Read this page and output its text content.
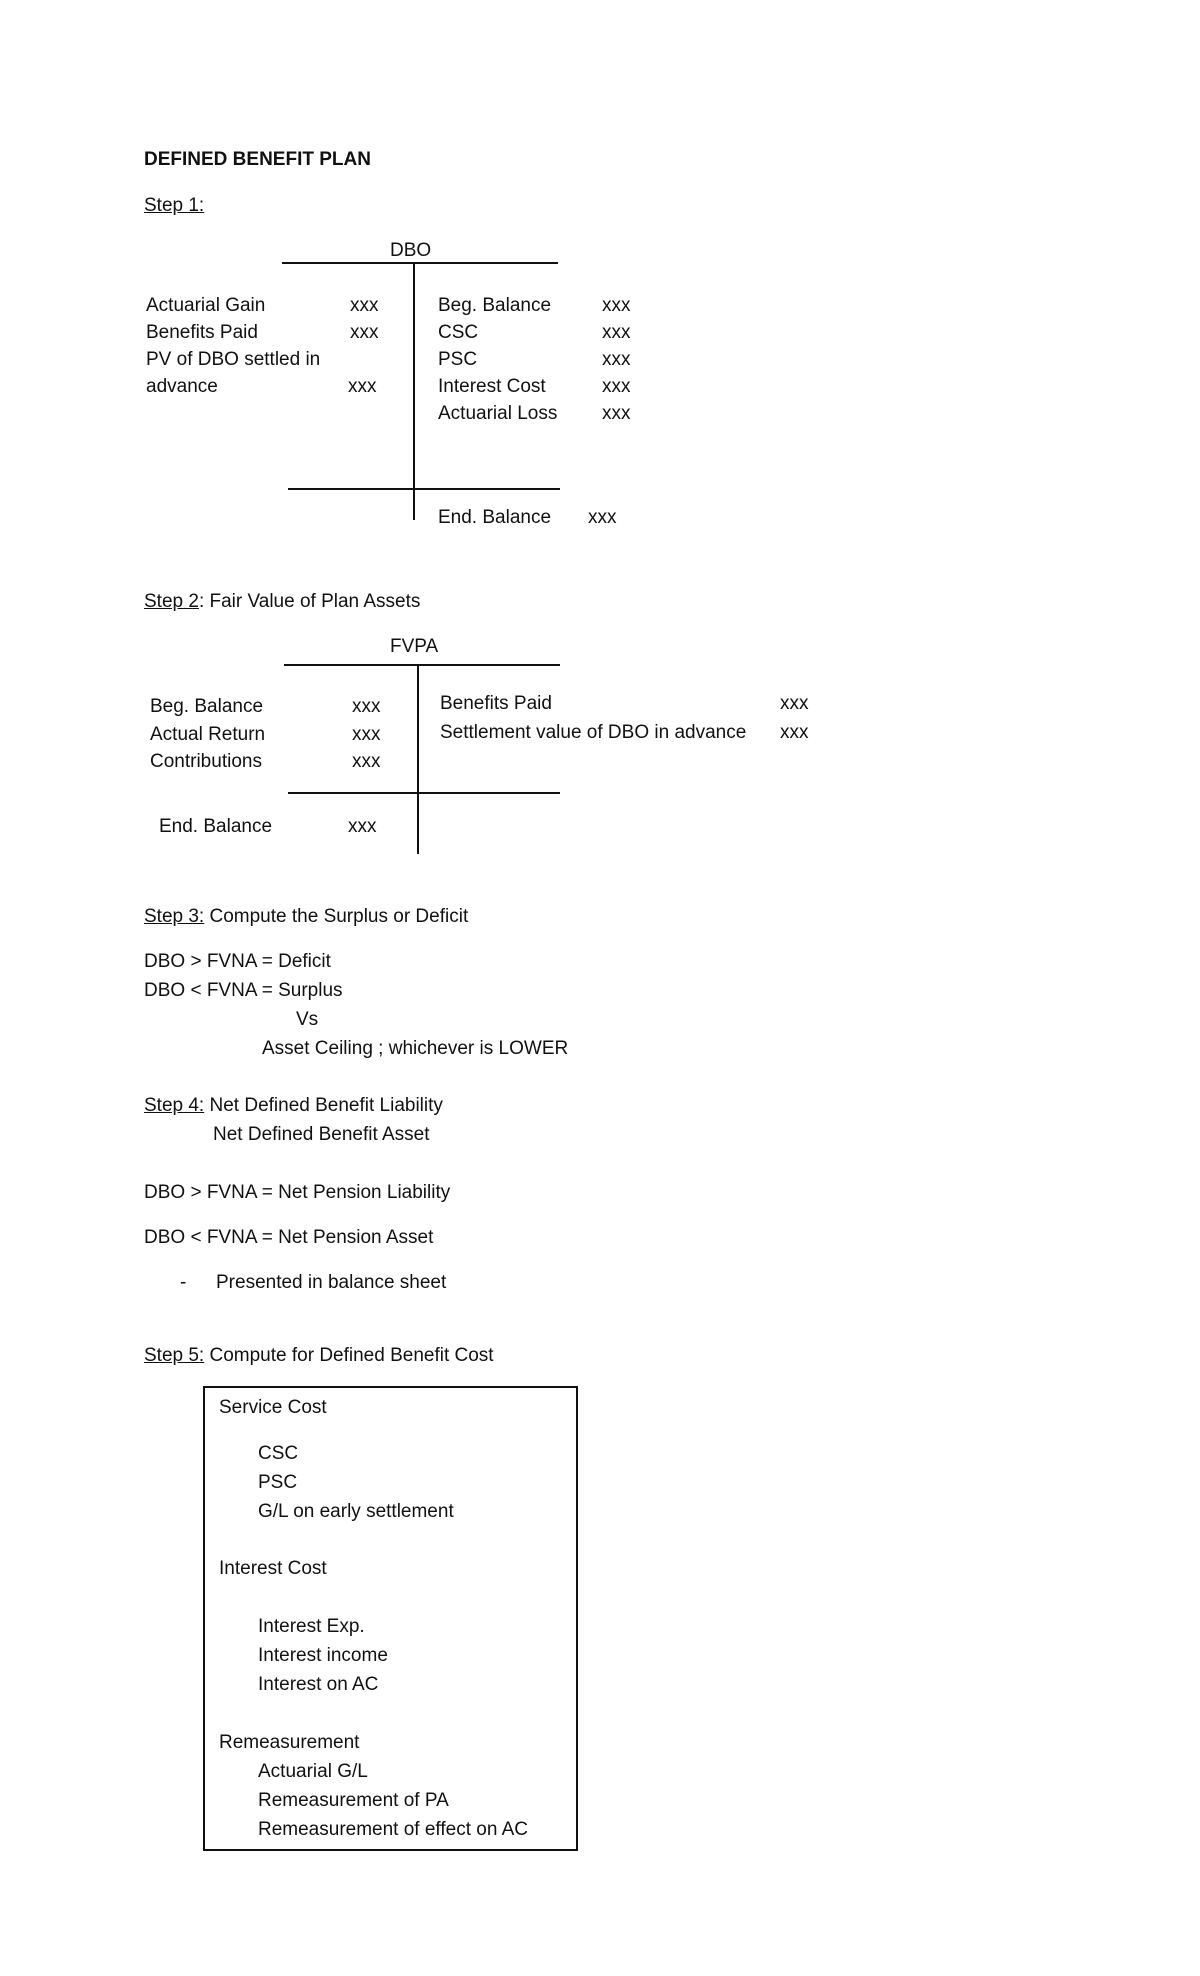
DEFINED BENEFIT PLAN
Step 1:
DBO
Actuarial Gain	xxx
Benefits Paid	xxx
PV of DBO settled in
advance	xxx
Beg. Balance	xxx
CSC	xxx
PSC	xxx
Interest Cost	xxx
Actuarial Loss xxx
End. Balance xxx
Step 2: Fair Value of Plan Assets
FVPA
Beg. Balance	xxx
Actual Return	xxx
Contributions	xxx
Benefits Paid	xxx
Settlement value of DBO in advance xxx
End. Balance	xxx
Step 3: Compute the Surplus or Deficit
DBO > FVNA = Deficit
DBO < FVNA = Surplus
Vs
Asset Ceiling ; whichever is LOWER
Step 4: Net Defined Benefit Liability
Net Defined Benefit Asset
DBO > FVNA = Net Pension Liability
DBO < FVNA = Net Pension Asset
- Presented in balance sheet
Step 5: Compute for Defined Benefit Cost
Service Cost
CSC
PSC
G/L on early settlement
Interest Cost
Interest Exp.
Interest income
Interest on AC
Remeasurement
Actuarial G/L
Remeasurement of PA
Remeasurement of effect on AC
